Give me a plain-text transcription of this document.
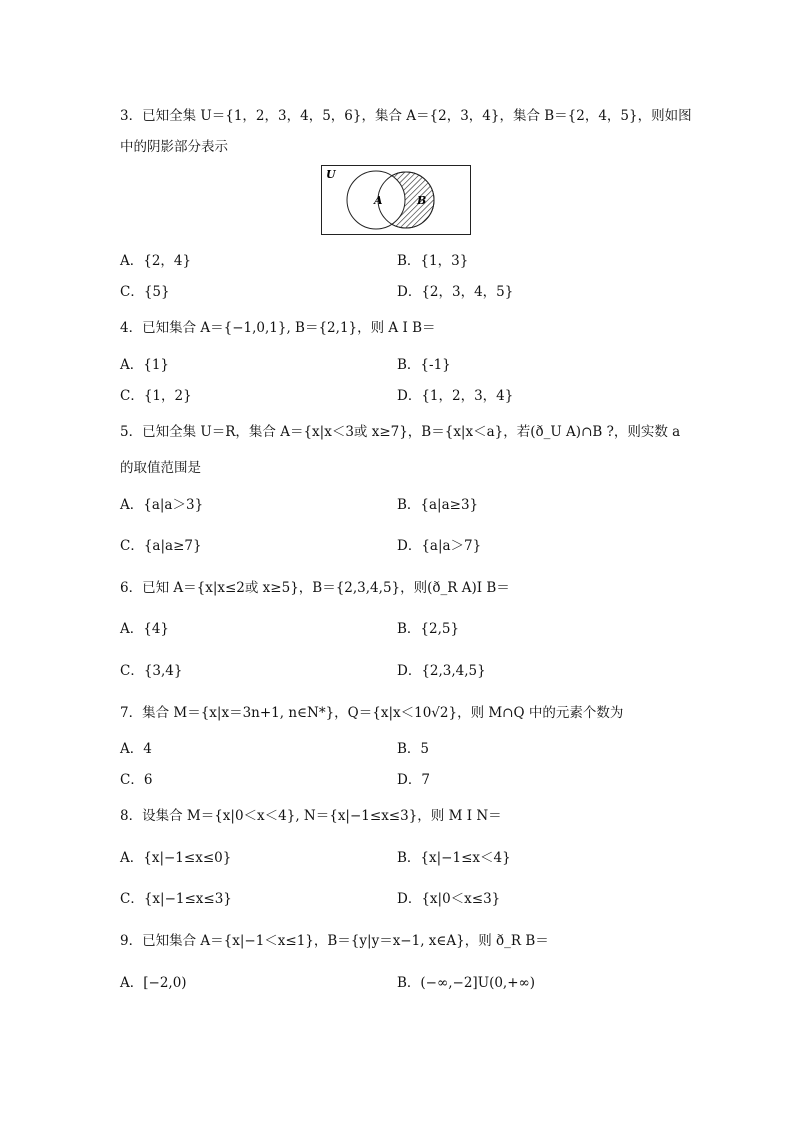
3．已知全集 U＝{1，2，3，4，5，6}，集合 A＝{2，3，4}，集合 B＝{2，4，5}，则如图
中的阴影部分表示
U
A	B
A．{2，4}	B．{1，3}
C．{5}	D．{2，3，4，5}
4．已知集合 A＝{−1,0,1}, B＝{2,1}，则 A I B＝
A．{1}	B．{-1}
C．{1，2}	D．{1，2，3，4}
5．已知全集 U＝R，集合 A＝{x|x＜3或 x≥7}，B＝{x|x＜a}，若(ð_U A)∩B ?，则实数 a
的取值范围是
A．{a|a＞3}	B．{a|a≥3}
C．{a|a≥7}	D．{a|a＞7}
6．已知 A＝{x|x≤2或 x≥5}，B＝{2,3,4,5}，则(ð_R A)I B＝
A．{4}	B．{2,5}
C．{3,4}	D．{2,3,4,5}
7．集合 M＝{x|x＝3n+1, n∈N*}，Q＝{x|x＜10√2}，则 M∩Q 中的元素个数为
A．4	B．5
C．6	D．7
8．设集合 M＝{x|0＜x＜4}, N＝{x|−1≤x≤3}，则 M I N＝
A．{x|−1≤x≤0}	B．{x|−1≤x＜4}
C．{x|−1≤x≤3}	D．{x|0＜x≤3}
9．已知集合 A＝{x|−1＜x≤1}，B＝{y|y＝x−1, x∈A}，则 ð_R B＝
A．[−2,0)	B．(−∞,−2]U(0,+∞)
